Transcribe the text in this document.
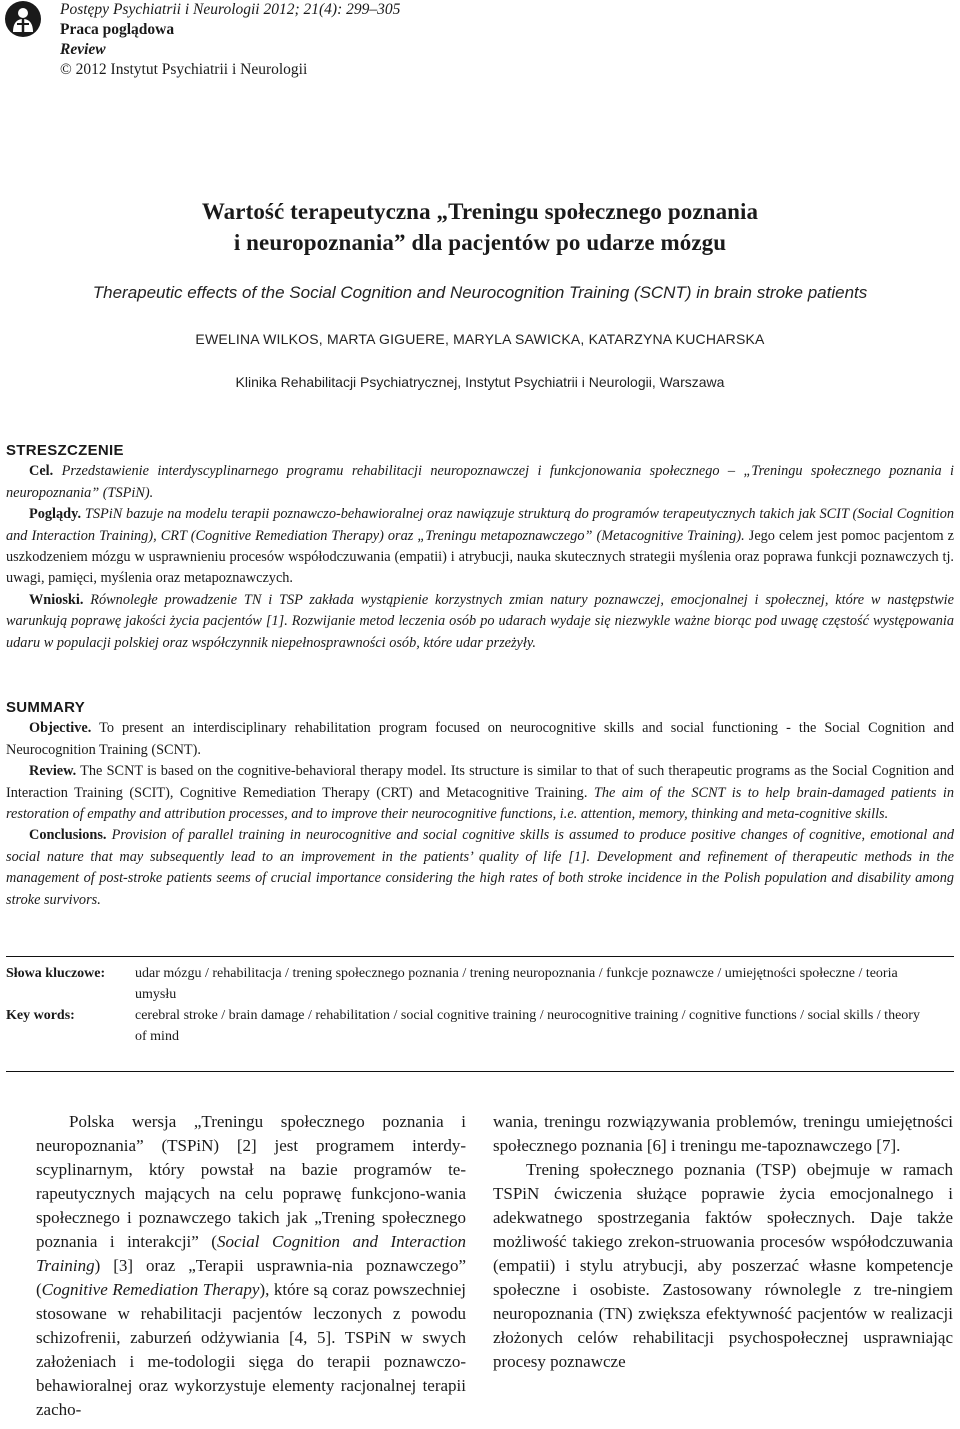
Postępy Psychiatrii i Neurologii 2012; 21(4): 299–305
Praca poglądowa
Review
© 2012 Instytut Psychiatrii i Neurologii
Wartość terapeutyczna „Treningu społecznego poznania
i neuropoznania” dla pacjentów po udarze mózgu
Therapeutic effects of the Social Cognition and Neurocognition Training (SCNT) in brain stroke patients
EWELINA WILKOS, MARTA GIGUERE, MARYLA SAWICKA, KATARZYNA KUCHARSKA
Klinika Rehabilitacji Psychiatrycznej, Instytut Psychiatrii i Neurologii, Warszawa
STRESZCZENIE

Cel. Przedstawienie interdyscyplinarnego programu rehabilitacji neuropoznawczej i funkcjonowania społecznego – „Treningu społecznego poznania i neuropoznania” (TSPiN).

Poglądy. TSPiN bazuje na modelu terapii poznawczo-behawioralnej oraz nawiązuje strukturą do programów terapeutycznych takich jak SCIT (Social Cognition and Interaction Training), CRT (Cognitive Remediation Therapy) oraz „Treningu metapoznawczego” (Metacognitive Training). Jego celem jest pomoc pacjentom z uszkodzeniem mózgu w usprawnieniu procesów współodczuwania (empatii) i atrybucji, nauka skutecznych strategii myślenia oraz poprawa funkcji poznawczych tj. uwagi, pamięci, myślenia oraz metapoznawczych.

Wnioski. Równoległe prowadzenie TN i TSP zakłada wystąpienie korzystnych zmian natury poznawczej, emocjonalnej i społecznej, które w następstwie warunkują poprawę jakości życia pacjentów [1]. Rozwijanie metod leczenia osób po udarach wydaje się niezwykle ważne biorąc pod uwagę częstość występowania udaru w populacji polskiej oraz współczynnik niepełnosprawności osób, które udar przeżyły.

SUMMARY

Objective. To present an interdisciplinary rehabilitation program focused on neurocognitive skills and social functioning - the Social Cognition and Neurocognition Training (SCNT).

Review. The SCNT is based on the cognitive-behavioral therapy model. Its structure is similar to that of such therapeutic programs as the Social Cognition and Interaction Training (SCIT), Cognitive Remediation Therapy (CRT) and Metacognitive Training. The aim of the SCNT is to help brain-damaged patients in restoration of empathy and attribution processes, and to improve their neurocognitive functions, i.e. attention, memory, thinking and meta-cognitive skills.

Conclusions. Provision of parallel training in neurocognitive and social cognitive skills is assumed to produce positive changes of cognitive, emotional and social nature that may subsequently lead to an improvement in the patients’ quality of life [1]. Development and refinement of therapeutic methods in the management of post-stroke patients seems of crucial importance considering the high rates of both stroke incidence in the Polish population and disability among stroke survivors.

Słowa kluczowe: udar mózgu / rehabilitacja / trening społecznego poznania / trening neuropoznania / funkcje poznawcze / umiejętności społeczne / teoria umysłu
Key words:	cerebral stroke / brain damage / rehabilitation / social cognitive training / neurocognitive training / cognitive functions / social skills / theory of mind

Polska wersja „Treningu społecznego poznania i neuropoznania” (TSPiN) [2] jest programem interdy-scyplinarnym, który powstał na bazie programów te-rapeutycznych mających na celu poprawę funkcjono-wania społecznego i poznawczego takich jak „Trening społecznego poznania i interakcji” (Social Cognition and Interaction Training) [3] oraz „Terapii usprawnia-nia poznawczego” (Cognitive Remediation Therapy), które są coraz powszechniej stosowane w rehabilitacji pacjentów leczonych z powodu schizofrenii, zaburzeń odżywiania [4, 5]. TSPiN w swych założeniach i me-todologii sięga do terapii poznawczo-behawioralnej oraz wykorzystuje elementy racjonalnej terapii zacho-

wania, treningu rozwiązywania problemów, treningu umiejętności społecznego poznania [6] i treningu me-tapoznawczego [7].

Trening społecznego poznania (TSP) obejmuje w ramach TSPiN ćwiczenia służące poprawie życia emocjonalnego i adekwatnego spostrzegania faktów społecznych. Daje także możliwość takiego zrekon-struowania procesów współodczuwania (empatii) i stylu atrybucji, aby poszerzać własne kompetencje społeczne i osobiste. Zastosowany równolegle z tre-ningiem neuropoznania (TN) zwiększa efektywność pacjentów w realizacji złożonych celów rehabilitacji psychospołecznej usprawniając procesy poznawcze
